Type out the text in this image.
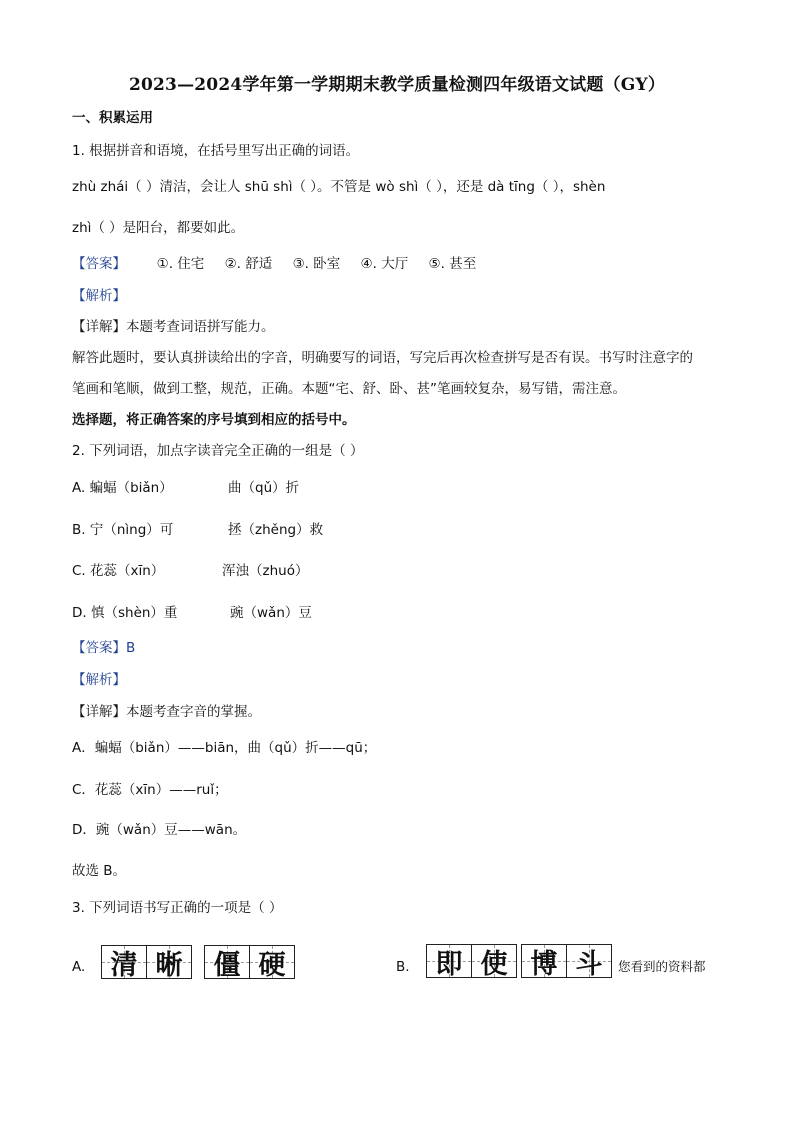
2023—2024学年第一学期期末教学质量检测四年级语文试题（GY）
一、积累运用
1. 根据拼音和语境，在括号里写出正确的词语。
zhù zhái（ ）清洁，会让人 shū shì（ ）。不管是 wò shì（ ），还是 dà tīng（ ），shèn
zhì（ ）是阳台，都要如此。
【答案】 ①. 住宅 ②. 舒适 ③. 卧室 ④. 大厅 ⑤. 甚至
【解析】
【详解】本题考查词语拼写能力。
解答此题时，要认真拼读给出的字音，明确要写的词语，写完后再次检查拼写是否有误。书写时注意字的
笔画和笔顺，做到工整，规范，正确。本题“宅、舒、卧、甚”笔画较复杂，易写错，需注意。
选择题，将正确答案的序号填到相应的括号中。
2. 下列词语，加点字读音完全正确的一组是（ ）
A. 蝙蝠（biǎn）	曲（qǔ）折
B. 宁（nìng）可	拯（zhěng）救
C. 花蕊（xīn）	浑浊（zhuó）
D. 慎（shèn）重	豌（wǎn）豆
【答案】B
【解析】
【详解】本题考查字音的掌握。
A．蝙蝠（biǎn）——biān，曲（qǔ）折——qū；
C．花蕊（xīn）——ruǐ；
D．豌（wǎn）豆——wān。
故选 B。
3. 下列词语书写正确的一项是（ ）
A. 清 晰 僵 硬	B. 即 使 博 斗 您看到的资料都
